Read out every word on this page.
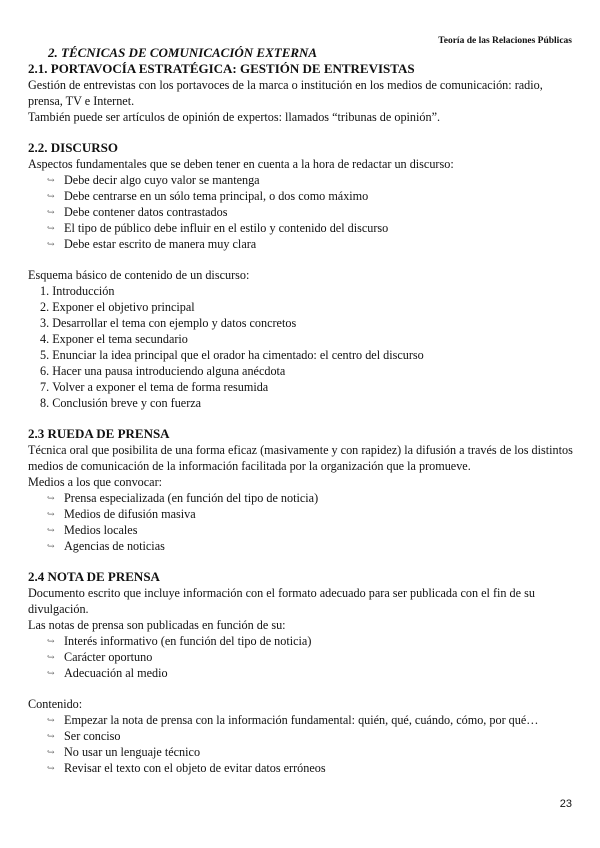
Teoría de las Relaciones Públicas
2. TÉCNICAS DE COMUNICACIÓN EXTERNA
2.1. PORTAVOCÍA ESTRATÉGICA: GESTIÓN DE ENTREVISTAS

Gestión de entrevistas con los portavoces de la marca o institución en los medios de comunicación: radio, prensa, TV e Internet.

También puede ser artículos de opinión de expertos: llamados “tribunas de opinión”.

2.2. DISCURSO

Aspectos fundamentales que se deben tener en cuenta a la hora de redactar un discurso:

↪ Debe decir algo cuyo valor se mantenga
↪ Debe centrarse en un sólo tema principal, o dos como máximo
↪ Debe contener datos contrastados
↪ El tipo de público debe influir en el estilo y contenido del discurso
↪ Debe estar escrito de manera muy clara

Esquema básico de contenido de un discurso:

1.
Introducción
2.
Exponer el objetivo principal
3.
Desarrollar el tema con ejemplo y datos concretos
4.
Exponer el tema secundario
5.
Enunciar la idea principal que el orador ha cimentado: el centro del discurso
6.
Hacer una pausa introduciendo alguna anécdota
7.
Volver a exponer el tema de forma resumida
8.
Conclusión breve y con fuerza
2.3 RUEDA DE PRENSA

Técnica oral que posibilita de una forma eficaz (masivamente y con rapidez) la difusión a través de los distintos medios de comunicación de la información facilitada por la organización que la promueve.

Medios a los que convocar:

↪ Prensa especializada (en función del tipo de noticia)
↪ Medios de difusión masiva
↪ Medios locales
↪ Agencias de noticias
2.4 NOTA DE PRENSA

Documento escrito que incluye información con el formato adecuado para ser publicada con el fin de su divulgación.

Las notas de prensa son publicadas en función de su:

↪ Interés informativo (en función del tipo de noticia)
↪ Carácter oportuno
↪ Adecuación al medio

Contenido:

↪ Empezar la nota de prensa con la información fundamental: quién, qué, cuándo, cómo, por qué…
↪ Ser conciso
↪ No usar un lenguaje técnico
↪ Revisar el texto con el objeto de evitar datos erróneos
23
